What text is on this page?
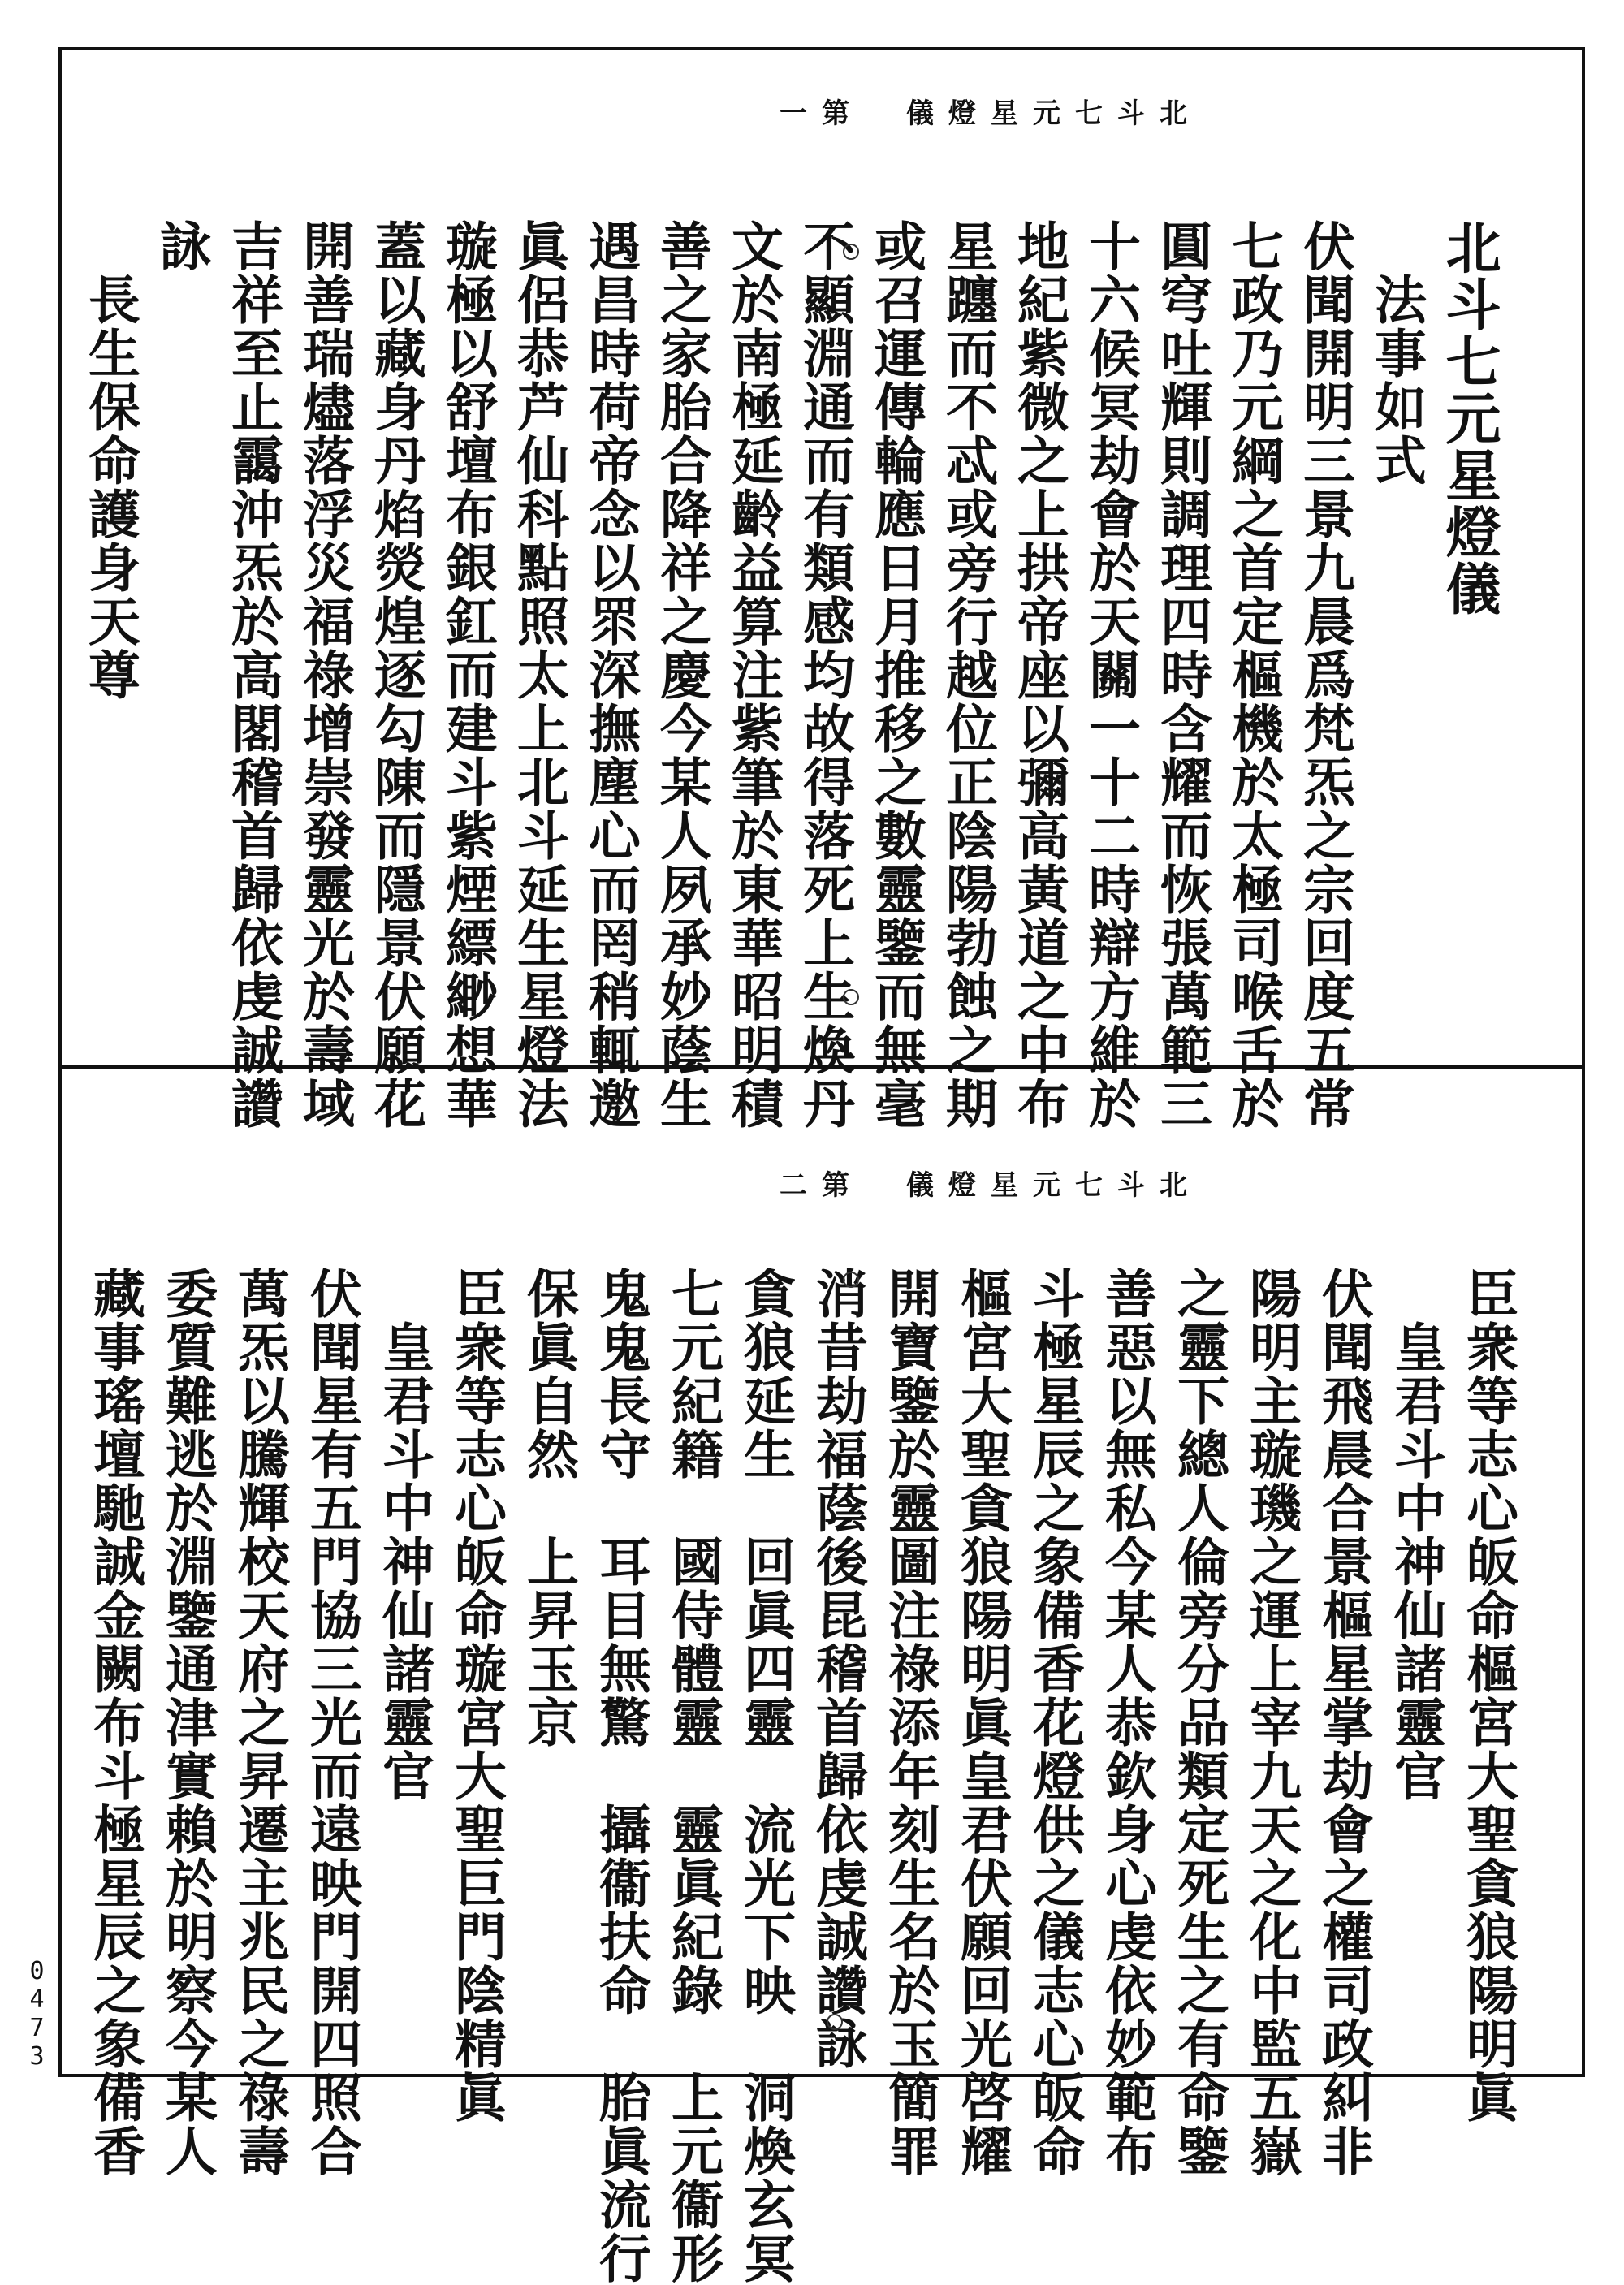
北斗七元星燈儀　第一
北斗七元星燈儀
　法事如式
伏聞開明三景九晨爲梵炁之宗回度五常
七政乃元綱之首定樞機於太極司喉舌於
圓穹吐輝則調理四時含耀而恢張萬範三
十六候冥劫會於天關一十二時辯方維於
地紀紫微之上拱帝座以彌高黃道之中布
星躔而不忒或旁行越位正陰陽勃蝕之期
或召運傳輪應日月推移之數靈鑒而無毫
不顯淵通而有類感均故得落死上生煥丹
文於南極延齡益算注紫筆於東華昭明積
善之家胎合降祥之慶今某人夙承妙蔭生
遇昌時荷帝念以眔深撫塵心而罔稍輒邀
眞侶恭芦仙科點照太上北斗延生星燈法
璇極以舒壇布銀釭而建斗紫煙縹緲想華
蓋以藏身丹焰熒煌逐勾陳而隱景伏願花
開善瑞燼落浮災福祿增崇發靈光於壽域
吉祥至止靄沖炁於高閣稽首歸依虔誠讚
詠
　長生保命護身天尊
北斗七元星燈儀　第二
臣衆等志心皈命樞宮大聖貪狼陽明眞
　皇君斗中神仙諸靈官
伏聞飛晨合景樞星掌劫會之權司政糾非
陽明主璇璣之運上宰九天之化中監五嶽
之靈下總人倫旁分品類定死生之有命鑒
善惡以無私今某人恭欽身心虔依妙範布
斗極星辰之象備香花燈供之儀志心皈命
樞宮大聖貪狼陽明眞皇君伏願回光啓耀
開寶鑒於靈圖注祿添年刻生名於玉簡罪
消昔劫福蔭後昆稽首歸依虔誠讚詠
貪狼延生　回眞四靈　流光下映　洞煥玄冥
七元紀籍　國侍體靈　靈眞紀錄　上元衞形
鬼鬼長守　耳目無驚　攝衞扶命　胎眞流行
保眞自然　上昇玉京
臣衆等志心皈命璇宮大聖巨門陰精眞
　皇君斗中神仙諸靈官
伏聞星有五門協三光而遠映門開四照合
萬炁以騰輝校天府之昇遷主兆民之祿壽
委質難逃於淵鑒通津實賴於明察今某人
藏事瑤壇馳誠金闕布斗極星辰之象備香
0473
